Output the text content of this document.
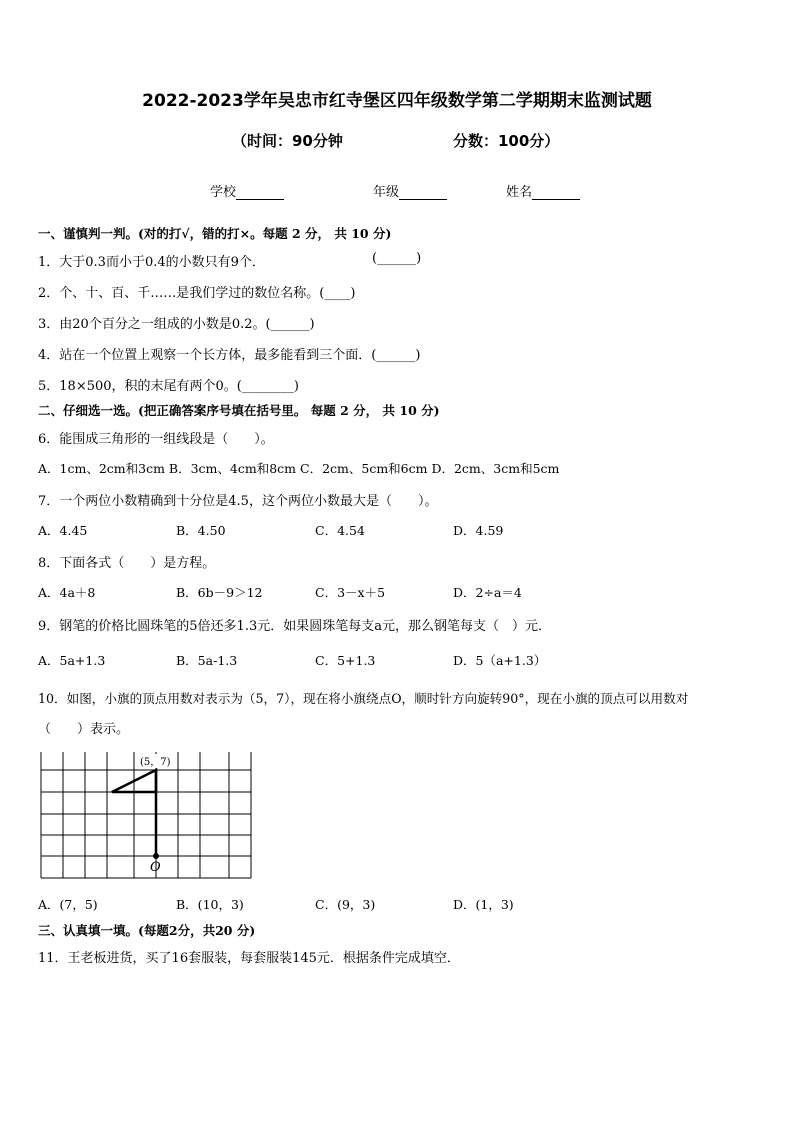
2022-2023学年吴忠市红寺堡区四年级数学第二学期期末监测试题
（时间：90分钟	分数：100分）
学校	年级	姓名
一、谨慎判一判。(对的打√，错的打×。每题 2 分， 共 10 分)
1．大于0.3而小于0.4的小数只有9个．	(______)
2．个、十、百、千……是我们学过的数位名称。(____)
3．由20个百分之一组成的小数是0.2。(______)
4．站在一个位置上观察一个长方体，最多能看到三个面．(______)
5．18×500，积的末尾有两个0。(________)
二、仔细选一选。(把正确答案序号填在括号里。 每题 2 分， 共 10 分)
6．能围成三角形的一组线段是（　　）。
A．1cm、2cm和3cm B．3cm、4cm和8cm C．2cm、5cm和6cm D．2cm、3cm和5cm
7．一个两位小数精确到十分位是4.5，这个两位小数最大是（　　）。
A．4.45	B．4.50	C．4.54	D．4.59
8．下面各式（　　）是方程。
A．4a＋8	B．6b－9＞12	C．3－x＋5	D．2÷a＝4
9．钢笔的价格比圆珠笔的5倍还多1.3元．如果圆珠笔每支a元，那么钢笔每支（　）元．
A．5a+1.3	B．5a-1.3	C．5+1.3	D．5（a+1.3）
10．如图，小旗的顶点用数对表示为（5，7），现在将小旗绕点O，顺时针方向旋转90°，现在小旗的顶点可以用数对
（　　）表示。
(5，7)
O
A．(7，5)	B．(10，3)	C．(9，3)	D．(1，3)
三、认真填一填。(每题2分，共20 分)
11．王老板进货，买了16套服装，每套服装145元．根据条件完成填空．
